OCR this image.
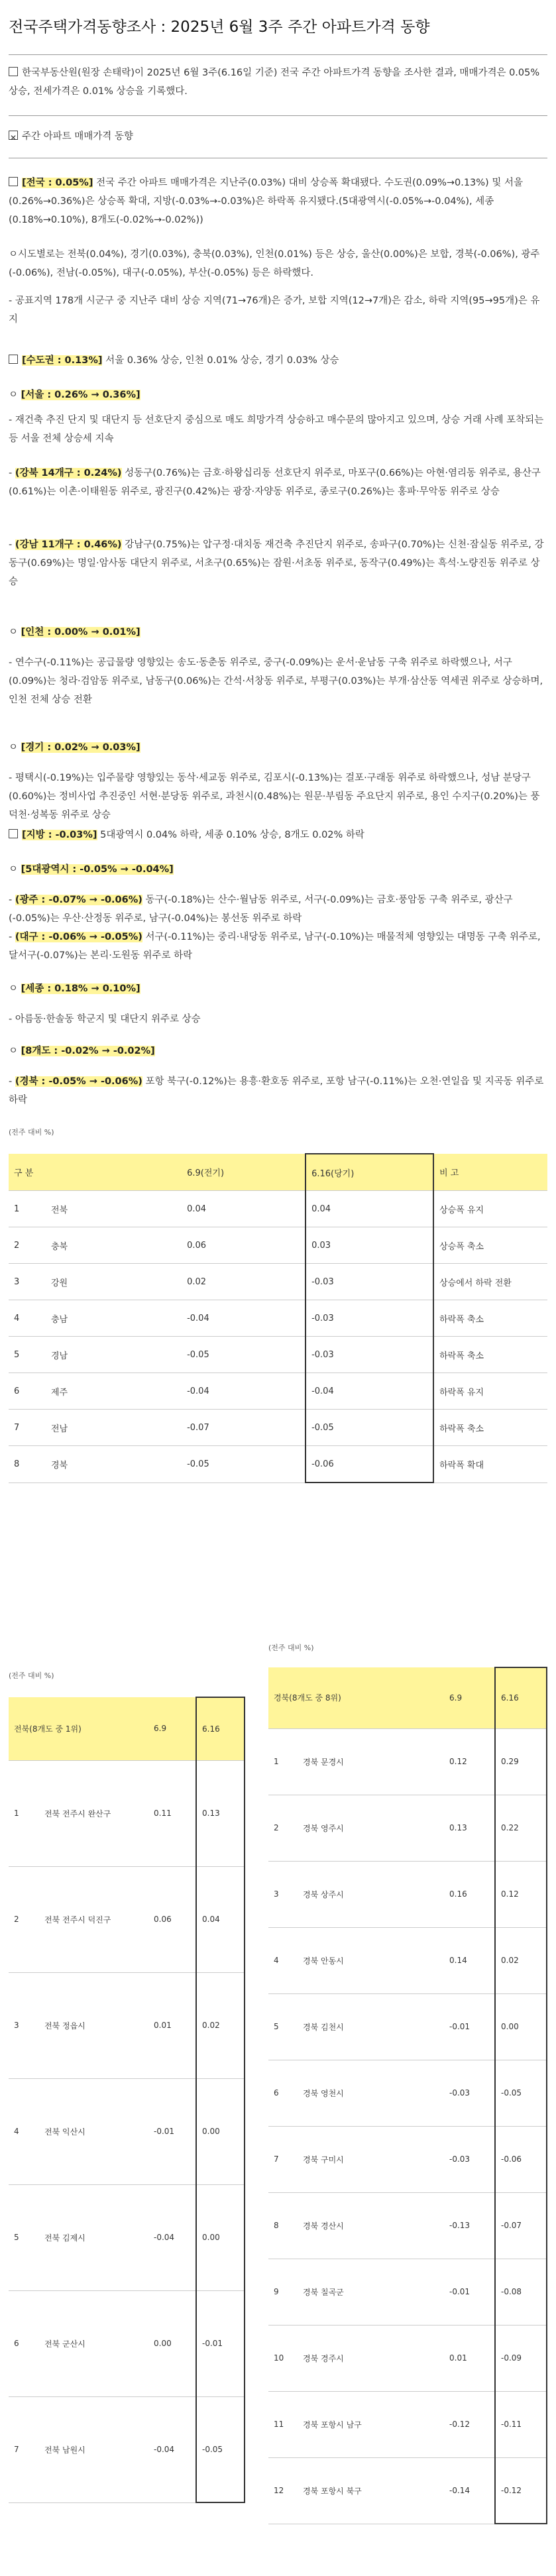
전국주택가격동향조사 : 2025년 6월 3주 주간 아파트가격 동향

한국부동산원(원장 손태락)이 2025년 6월 3주(6.16일 기준) 전국 주간 아파트가격 동향을 조사한 결과, 매매가격은 0.05% 상승, 전세가격은 0.01% 상승을 기록했다.

✕ 주간 아파트 매매가격 동향

[전국 : 0.05%] 전국 주간 아파트 매매가격은 지난주(0.03%) 대비 상승폭 확대됐다. 수도권(0.09%→0.13%) 및 서울(0.26%→0.36%)은 상승폭 확대, 지방(-0.03%→-0.03%)은 하락폭 유지됐다.(5대광역시(-0.05%→-0.04%), 세종(0.18%→0.10%), 8개도(-0.02%→-0.02%))

ㅇ시도별로는 전북(0.04%), 경기(0.03%), 충북(0.03%), 인천(0.01%) 등은 상승, 울산(0.00%)은 보합, 경북(-0.06%), 광주(-0.06%), 전남(-0.05%), 대구(-0.05%), 부산(-0.05%) 등은 하락했다.

- 공표지역 178개 시군구 중 지난주 대비 상승 지역(71→76개)은 증가, 보합 지역(12→7개)은 감소, 하락 지역(95→95개)은 유지

[수도권 : 0.13%] 서울 0.36% 상승, 인천 0.01% 상승, 경기 0.03% 상승

ㅇ [서울 : 0.26% → 0.36%]

- 재건축 추진 단지 및 대단지 등 선호단지 중심으로 매도 희망가격 상승하고 매수문의 많아지고 있으며, 상승 거래 사례 포착되는 등 서울 전체 상승세 지속

- (강북 14개구 : 0.24%) 성동구(0.76%)는 금호·하왕십리동 선호단지 위주로, 마포구(0.66%)는 아현·염리동 위주로, 용산구(0.61%)는 이촌·이태원동 위주로, 광진구(0.42%)는 광장·자양동 위주로, 종로구(0.26%)는 홍파·무악동 위주로 상승

- (강남 11개구 : 0.46%) 강남구(0.75%)는 압구정·대치동 재건축 추진단지 위주로, 송파구(0.70%)는 신천·잠실동 위주로, 강동구(0.69%)는 명일·암사동 대단지 위주로, 서초구(0.65%)는 잠원·서초동 위주로, 동작구(0.49%)는 흑석·노량진동 위주로 상승

ㅇ [인천 : 0.00% → 0.01%]

- 연수구(-0.11%)는 공급물량 영향있는 송도·동춘동 위주로, 중구(-0.09%)는 운서·운남동 구축 위주로 하락했으나, 서구(0.09%)는 청라·검암동 위주로, 남동구(0.06%)는 간석·서창동 위주로, 부평구(0.03%)는 부개·삼산동 역세권 위주로 상승하며, 인천 전체 상승 전환

ㅇ [경기 : 0.02% → 0.03%]

- 평택시(-0.19%)는 입주물량 영향있는 동삭·세교동 위주로, 김포시(-0.13%)는 걸포·구래동 위주로 하락했으나, 성남 분당구(0.60%)는 정비사업 추진중인 서현·분당동 위주로, 과천시(0.48%)는 원문·부림동 주요단지 위주로, 용인 수지구(0.20%)는 풍덕천·성복동 위주로 상승

[지방 : -0.03%] 5대광역시 0.04% 하락, 세종 0.10% 상승, 8개도 0.02% 하락

ㅇ [5대광역시 : -0.05% → -0.04%]

- (광주 : -0.07% → -0.06%) 동구(-0.18%)는 산수·월남동 위주로, 서구(-0.09%)는 금호·풍암동 구축 위주로, 광산구(-0.05%)는 우산·산정동 위주로, 남구(-0.04%)는 봉선동 위주로 하락

- (대구 : -0.06% → -0.05%) 서구(-0.11%)는 중리·내당동 위주로, 남구(-0.10%)는 매물적체 영향있는 대명동 구축 위주로, 달서구(-0.07%)는 본리·도원동 위주로 하락

ㅇ [세종 : 0.18% → 0.10%]

- 아름동·한솔동 학군지 및 대단지 위주로 상승

ㅇ [8개도 : -0.02% → -0.02%]

- (경북 : -0.05% → -0.06%) 포항 북구(-0.12%)는 용흥·환호동 위주로, 포항 남구(-0.11%)는 오천·연일읍 및 지곡동 위주로 하락

(전주 대비 %)
구 분		6.9(전기)	6.16(당기)	비 고
1	전북	0.04	0.04	상승폭 유지
2	충북	0.06	0.03	상승폭 축소
3	강원	0.02	-0.03	상승에서 하락 전환
4	충남	-0.04	-0.03	하락폭 축소
5	경남	-0.05	-0.03	하락폭 축소
6	제주	-0.04	-0.04	하락폭 유지
7	전남	-0.07	-0.05	하락폭 축소
8	경북	-0.05	-0.06	하락폭 확대
(전주 대비 %)
(전주 대비 %)
전북(8개도 중 1위)		6.9	6.16
1	전북 전주시 완산구	0.11	0.13
2	전북 전주시 덕진구	0.06	0.04
3	전북 정읍시	0.01	0.02
4	전북 익산시	-0.01	0.00
5	전북 김제시	-0.04	0.00
6	전북 군산시	0.00	-0.01
7	전북 남원시	-0.04	-0.05
경북(8개도 중 8위)		6.9	6.16
1	경북 문경시	0.12	0.29
2	경북 영주시	0.13	0.22
3	경북 상주시	0.16	0.12
4	경북 안동시	0.14	0.02
5	경북 김천시	-0.01	0.00
6	경북 영천시	-0.03	-0.05
7	경북 구미시	-0.03	-0.06
8	경북 경산시	-0.13	-0.07
9	경북 칠곡군	-0.01	-0.08
10	경북 경주시	0.01	-0.09
11	경북 포항시 남구	-0.12	-0.11
12	경북 포항시 북구	-0.14	-0.12
